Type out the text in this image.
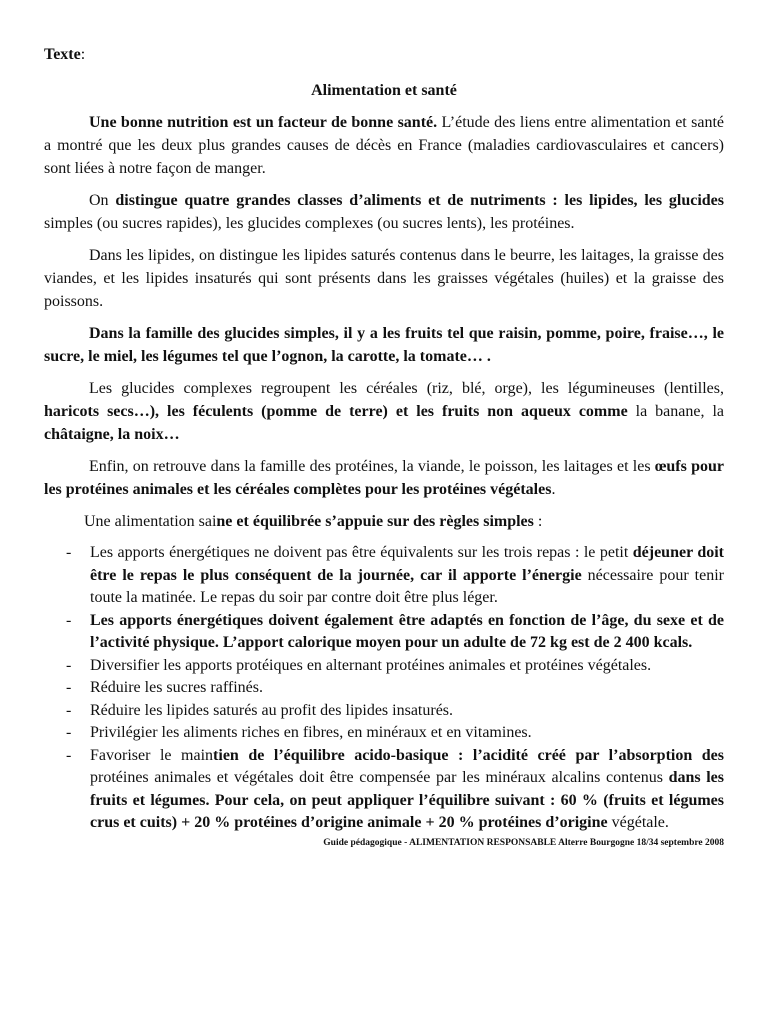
Texte:

Alimentation et santé

Une bonne nutrition est un facteur de bonne santé. L’étude des liens entre alimentation et santé a montré que les deux plus grandes causes de décès en France (maladies cardiovasculaires et cancers) sont liées à notre façon de manger.

On distingue quatre grandes classes d’aliments et de nutriments : les lipides, les glucides simples (ou sucres rapides), les glucides complexes (ou sucres lents), les protéines.

Dans les lipides, on distingue les lipides saturés contenus dans le beurre, les laitages, la graisse des viandes, et les lipides insaturés qui sont présents dans les graisses végétales (huiles) et la graisse des poissons.

Dans la famille des glucides simples, il y a les fruits tel que raisin, pomme, poire, fraise…, le sucre, le miel, les légumes tel que l’ognon, la carotte, la tomate… .

Les glucides complexes regroupent les céréales (riz, blé, orge), les légumineuses (lentilles, haricots secs…), les féculents (pomme de terre) et les fruits non aqueux comme la banane, la châtaigne, la noix…

Enfin, on retrouve dans la famille des protéines, la viande, le poisson, les laitages et les œufs pour les protéines animales et les céréales complètes pour les protéines végétales.

Une alimentation saine et équilibrée s’appuie sur des règles simples :

- Les apports énergétiques ne doivent pas être équivalents sur les trois repas : le petit déjeuner doit être le repas le plus conséquent de la journée, car il apporte l’énergie nécessaire pour tenir toute la matinée. Le repas du soir par contre doit être plus léger.
- Les apports énergétiques doivent également être adaptés en fonction de l’âge, du sexe et de l’activité physique. L’apport calorique moyen pour un adulte de 72 kg est de 2 400 kcals.
- Diversifier les apports protéiques en alternant protéines animales et protéines végétales.
- Réduire les sucres raffinés.
- Réduire les lipides saturés au profit des lipides insaturés.
- Privilégier les aliments riches en fibres, en minéraux et en vitamines.
- Favoriser le maintien de l’équilibre acido-basique : l’acidité créé par l’absorption des protéines animales et végétales doit être compensée par les minéraux alcalins contenus dans les fruits et légumes. Pour cela, on peut appliquer l’équilibre suivant : 60 % (fruits et légumes crus et cuits) + 20 % protéines d’origine animale + 20 % protéines d’origine végétale.
Guide pédagogique - ALIMENTATION RESPONSABLE Alterre Bourgogne 18/34 septembre 2008
